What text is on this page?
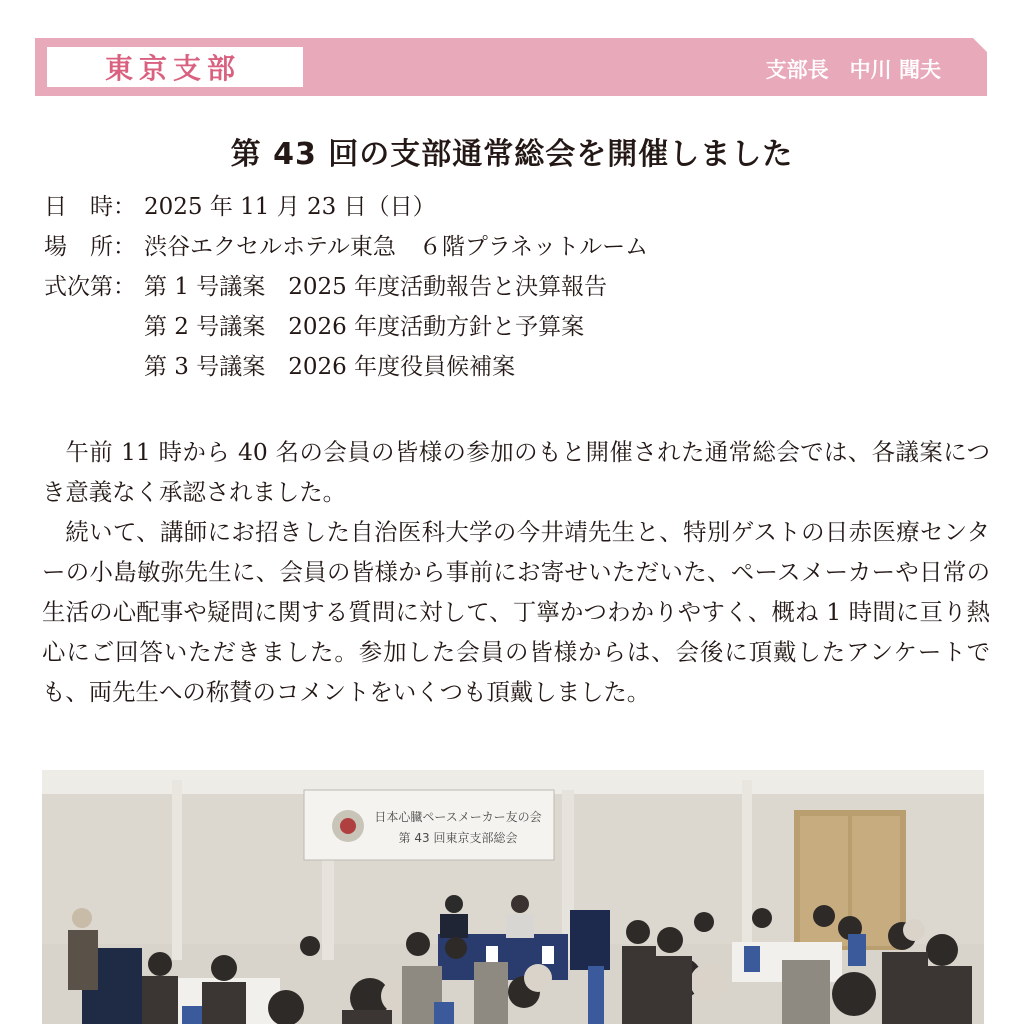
東京支部	支部長　中川 聞夫
第 43 回の支部通常総会を開催しました
日　時： 2025 年 11 月 23 日（日）
場　所： 渋谷エクセルホテル東急　６階プラネットルーム
式次第： 第 1 号議案　2025 年度活動報告と決算報告
第 2 号議案　2026 年度活動方針と予算案
第 3 号議案　2026 年度役員候補案

午前 11 時から 40 名の会員の皆様の参加のもと開催された通常総会では、各議案につき意義なく承認されました。

続いて、講師にお招きした自治医科大学の今井靖先生と、特別ゲストの日赤医療センターの小島敏弥先生に、会員の皆様から事前にお寄せいただいた、ペースメーカーや日常の生活の心配事や疑問に関する質問に対して、丁寧かつわかりやすく、概ね 1 時間に亘り熱心にご回答いただきました。参加した会員の皆様からは、会後に頂戴したアンケートでも、両先生への称賛のコメントをいくつも頂戴しました。

日本心臓ペースメーカー友の会
第 43 回東京支部総会
